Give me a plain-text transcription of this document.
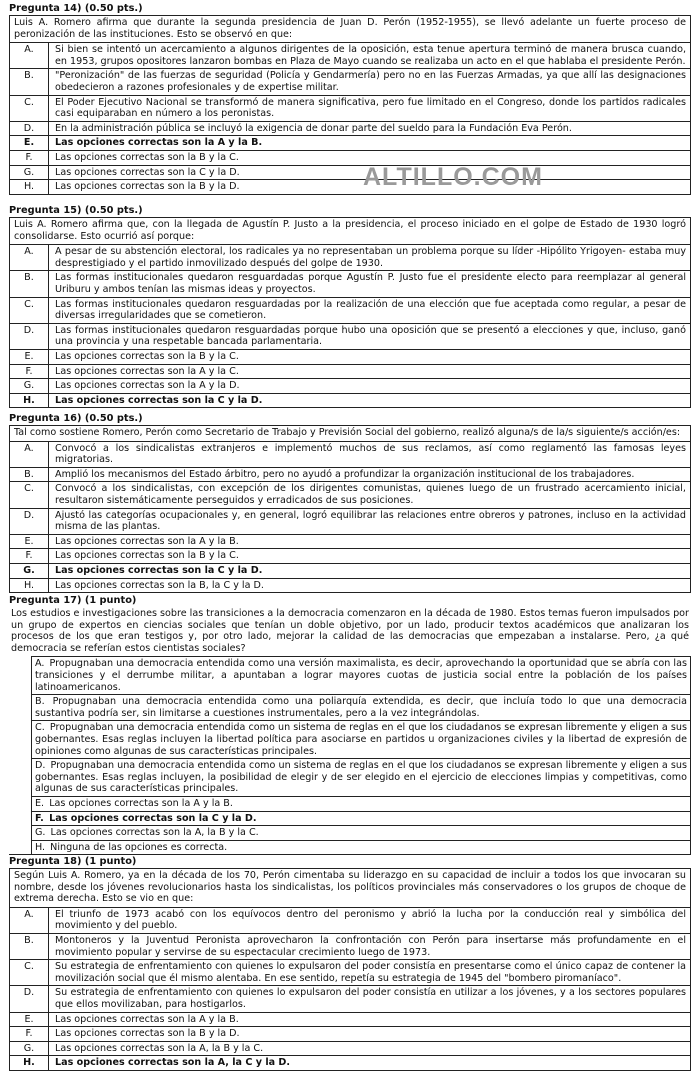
Pregunta 14) (0.50 pts.)
Luis A. Romero afirma que durante la segunda presidencia de Juan D. Perón (1952-1955), se llevó adelante un fuerte proceso de peronización de las instituciones. Esto se observó en que:
A.	Si bien se intentó un acercamiento a algunos dirigentes de la oposición, esta tenue apertura terminó de manera brusca cuando, en 1953, grupos opositores lanzaron bombas en Plaza de Mayo cuando se realizaba un acto en el que hablaba el presidente Perón.
B.	"Peronización" de las fuerzas de seguridad (Policía y Gendarmería) pero no en las Fuerzas Armadas, ya que allí las designaciones obedecieron a razones profesionales y de expertise militar.
C.	El Poder Ejecutivo Nacional se transformó de manera significativa, pero fue limitado en el Congreso, donde los partidos radicales casi equiparaban en número a los peronistas.
D.	En la administración pública se incluyó la exigencia de donar parte del sueldo para la Fundación Eva Perón.
E.	Las opciones correctas son la A y la B.
F.	Las opciones correctas son la B y la C.
G.	Las opciones correctas son la C y la D.
H.	Las opciones correctas son la B y la D.	ALTILLO.COM
Pregunta 15) (0.50 pts.)
Luis A. Romero afirma que, con la llegada de Agustín P. Justo a la presidencia, el proceso iniciado en el golpe de Estado de 1930 logró consolidarse. Esto ocurrió así porque:
A.	A pesar de su abstención electoral, los radicales ya no representaban un problema porque su líder -Hipólito Yrigoyen- estaba muy desprestigiado y el partido inmovilizado después del golpe de 1930.
B.	Las formas institucionales quedaron resguardadas porque Agustín P. Justo fue el presidente electo para reemplazar al general Uriburu y ambos tenían las mismas ideas y proyectos.
C.	Las formas institucionales quedaron resguardadas por la realización de una elección que fue aceptada como regular, a pesar de diversas irregularidades que se cometieron.
D.	Las formas institucionales quedaron resguardadas porque hubo una oposición que se presentó a elecciones y que, incluso, ganó una provincia y una respetable bancada parlamentaria.
E.	Las opciones correctas son la B y la C.
F.	Las opciones correctas son la A y la C.
G.	Las opciones correctas son la A y la D.
H.	Las opciones correctas son la C y la D.
Pregunta 16) (0.50 pts.)
Tal como sostiene Romero, Perón como Secretario de Trabajo y Previsión Social del gobierno, realizó alguna/s de la/s siguiente/s acción/es:
A.	Convocó a los sindicalistas extranjeros e implementó muchos de sus reclamos, así como reglamentó las famosas leyes migratorias.
B.	Amplió los mecanismos del Estado árbitro, pero no ayudó a profundizar la organización institucional de los trabajadores.
C.	Convocó a los sindicalistas, con excepción de los dirigentes comunistas, quienes luego de un frustrado acercamiento inicial, resultaron sistemáticamente perseguidos y erradicados de sus posiciones.
D.	Ajustó las categorías ocupacionales y, en general, logró equilibrar las relaciones entre obreros y patrones, incluso en la actividad misma de las plantas.
E.	Las opciones correctas son la A y la B.
F.	Las opciones correctas son la B y la C.
G.	Las opciones correctas son la C y la D.
H.	Las opciones correctas son la B, la C y la D.
Pregunta 17) (1 punto)
Los estudios e investigaciones sobre las transiciones a la democracia comenzaron en la década de 1980. Estos temas fueron impulsados por un grupo de expertos en ciencias sociales que tenían un doble objetivo, por un lado, producir textos académicos que analizaran los procesos de los que eran testigos y, por otro lado, mejorar la calidad de las democracias que empezaban a instalarse. Pero, ¿a qué democracia se referían estos cientistas sociales?
A. Propugnaban una democracia entendida como una versión maximalista, es decir, aprovechando la oportunidad que se abría con las transiciones y el derrumbe militar, a apuntaban a lograr mayores cuotas de justicia social entre la población de los países latinoamericanos.
B. Propugnaban una democracia entendida como una poliarquía extendida, es decir, que incluía todo lo que una democracia sustantiva podría ser, sin limitarse a cuestiones instrumentales, pero a la vez integrándolas.
C. Propugnaban una democracia entendida como un sistema de reglas en el que los ciudadanos se expresan libremente y eligen a sus gobernantes. Esas reglas incluyen la libertad política para asociarse en partidos u organizaciones civiles y la libertad de expresión de opiniones como algunas de sus características principales.
D. Propugnaban una democracia entendida como un sistema de reglas en el que los ciudadanos se expresan libremente y eligen a sus gobernantes. Esas reglas incluyen, la posibilidad de elegir y de ser elegido en el ejercicio de elecciones limpias y competitivas, como algunas de sus características principales.
E. Las opciones correctas son la A y la B.
F. Las opciones correctas son la C y la D.
G. Las opciones correctas son la A, la B y la C.
H. Ninguna de las opciones es correcta.
Pregunta 18) (1 punto)
Según Luis A. Romero, ya en la década de los 70, Perón cimentaba su liderazgo en su capacidad de incluir a todos los que invocaran su nombre, desde los jóvenes revolucionarios hasta los sindicalistas, los políticos provinciales más conservadores o los grupos de choque de extrema derecha. Esto se vio en que:
A.	El triunfo de 1973 acabó con los equívocos dentro del peronismo y abrió la lucha por la conducción real y simbólica del movimiento y del pueblo.
B.	Montoneros y la Juventud Peronista aprovecharon la confrontación con Perón para insertarse más profundamente en el movimiento popular y servirse de su espectacular crecimiento luego de 1973.
C.	Su estrategia de enfrentamiento con quienes lo expulsaron del poder consistía en presentarse como el único capaz de contener la movilización social que él mismo alentaba. En ese sentido, repetía su estrategia de 1945 del "bombero piromaníaco".
D.	Su estrategia de enfrentamiento con quienes lo expulsaron del poder consistía en utilizar a los jóvenes, y a los sectores populares que ellos movilizaban, para hostigarlos.
E.	Las opciones correctas son la A y la B.
F.	Las opciones correctas son la B y la D.
G.	Las opciones correctas son la A, la B y la C.
H.	Las opciones correctas son la A, la C y la D.
